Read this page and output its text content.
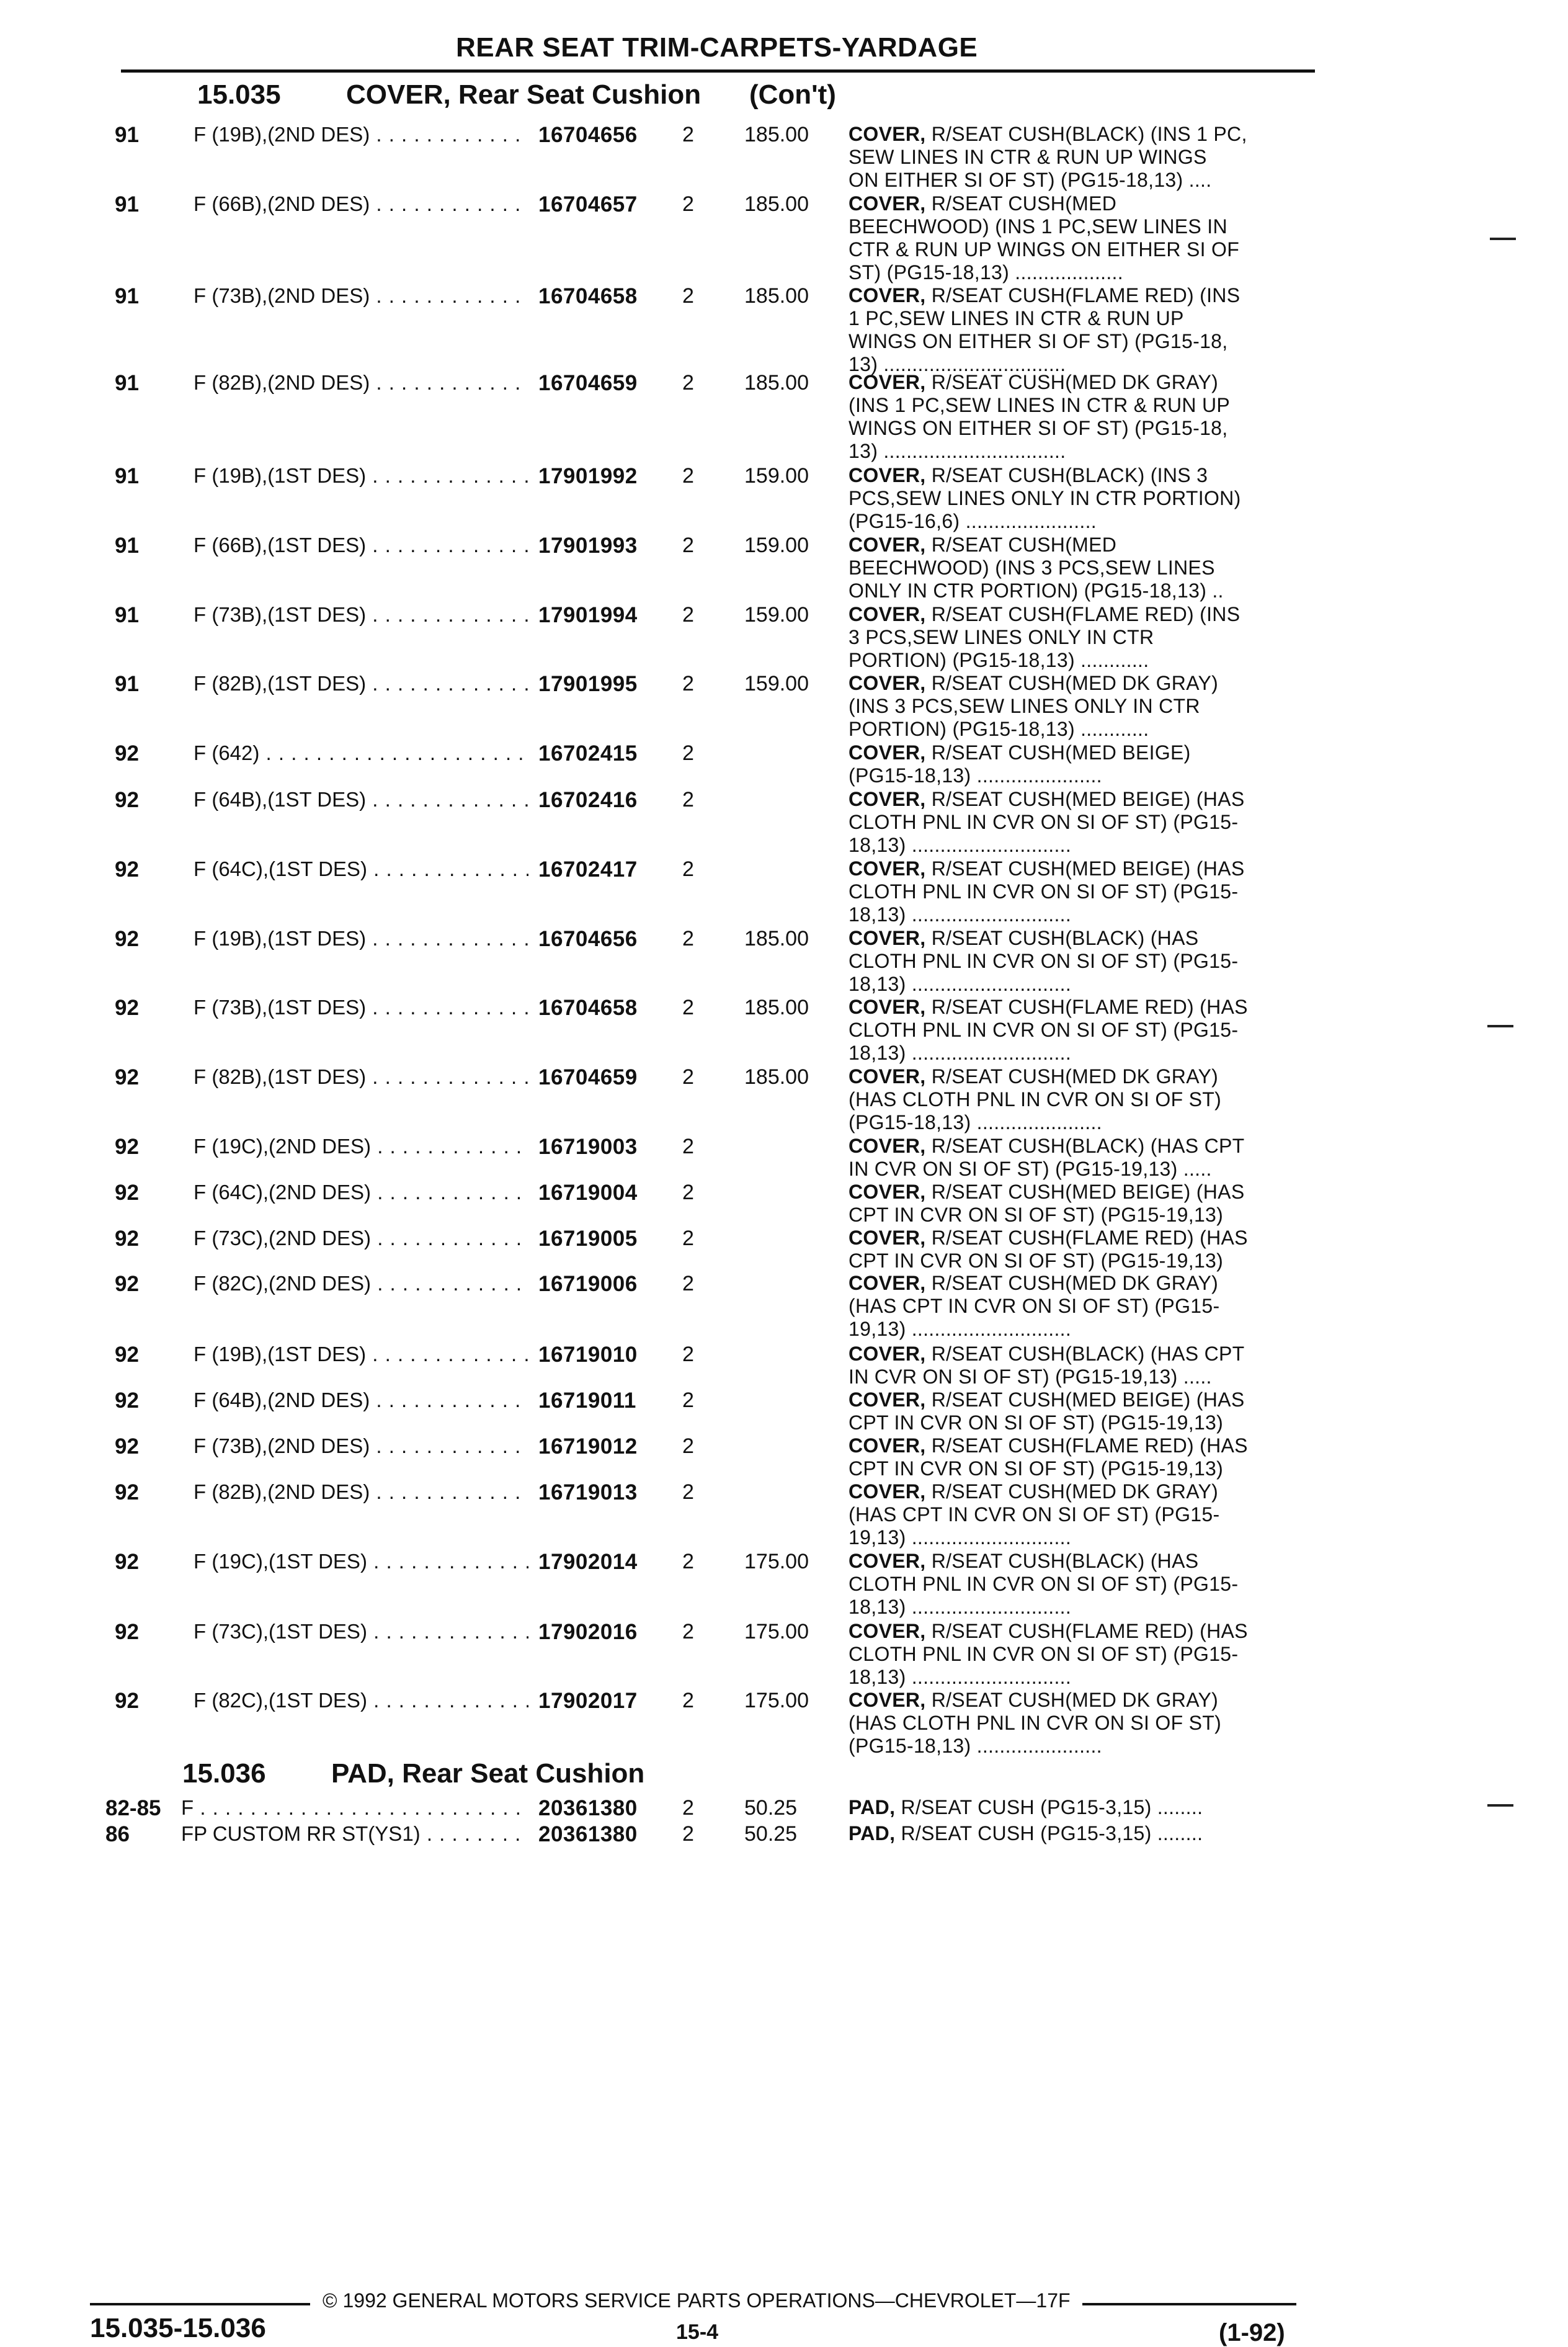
REAR SEAT TRIM-CARPETS-YARDAGE
15.035 COVER, Rear Seat Cushion (Con't)
91	F (19B),(2ND DES) . . .	16704656 2 185.00 COVER, R/SEAT CUSH(BLACK) (INS 1 PC,
SEW LINES IN CTR & RUN UP WINGS
ON EITHER SI OF ST) (PG15-18,13) ....
91	F (66B),(2ND DES) . . .	16704657 2 185.00 COVER, R/SEAT CUSH(MED
BEECHWOOD) (INS 1 PC,SEW LINES IN
CTR & RUN UP WINGS ON EITHER SI OF
ST) (PG15-18,13) ...................
91	F (73B),(2ND DES) . . .	16704658 2 185.00 COVER, R/SEAT CUSH(FLAME RED) (INS
1 PC,SEW LINES IN CTR & RUN UP
WINGS ON EITHER SI OF ST) (PG15-18,
13) ................................
91	F (82B),(2ND DES) . . .	16704659 2 185.00 COVER, R/SEAT CUSH(MED DK GRAY)
(INS 1 PC,SEW LINES IN CTR & RUN UP
WINGS ON EITHER SI OF ST) (PG15-18,
13) ................................
91	F (19B),(1ST DES) . . .	17901992 2 159.00 COVER, R/SEAT CUSH(BLACK) (INS 3
PCS,SEW LINES ONLY IN CTR PORTION)
(PG15-16,6) .......................
91	F (66B),(1ST DES) . . .	17901993 2 159.00 COVER, R/SEAT CUSH(MED
BEECHWOOD) (INS 3 PCS,SEW LINES
ONLY IN CTR PORTION) (PG15-18,13) ..
91	F (73B),(1ST DES) . . .	17901994 2 159.00 COVER, R/SEAT CUSH(FLAME RED) (INS
3 PCS,SEW LINES ONLY IN CTR
PORTION) (PG15-18,13) ............
91	F (82B),(1ST DES) . . .	17901995 2 159.00 COVER, R/SEAT CUSH(MED DK GRAY)
(INS 3 PCS,SEW LINES ONLY IN CTR
PORTION) (PG15-18,13) ............
92	F (642) . . .	16702415 2	COVER, R/SEAT CUSH(MED BEIGE)
(PG15-18,13) ......................
92	F (64B),(1ST DES) . . .	16702416 2	COVER, R/SEAT CUSH(MED BEIGE) (HAS
CLOTH PNL IN CVR ON SI OF ST) (PG15-
18,13) ............................
92	F (64C),(1ST DES) . . .	16702417 2	COVER, R/SEAT CUSH(MED BEIGE) (HAS
CLOTH PNL IN CVR ON SI OF ST) (PG15-
18,13) ............................
92	F (19B),(1ST DES) . . .	16704656 2 185.00 COVER, R/SEAT CUSH(BLACK) (HAS
CLOTH PNL IN CVR ON SI OF ST) (PG15-
18,13) ............................
92	F (73B),(1ST DES) . . .	16704658 2 185.00 COVER, R/SEAT CUSH(FLAME RED) (HAS
CLOTH PNL IN CVR ON SI OF ST) (PG15-
18,13) ............................
92	F (82B),(1ST DES) . . .	16704659 2 185.00 COVER, R/SEAT CUSH(MED DK GRAY)
(HAS CLOTH PNL IN CVR ON SI OF ST)
(PG15-18,13) ......................
92	F (19C),(2ND DES) . . .	16719003 2	COVER, R/SEAT CUSH(BLACK) (HAS CPT
IN CVR ON SI OF ST) (PG15-19,13) .....
92	F (64C),(2ND DES) . . .	16719004 2	COVER, R/SEAT CUSH(MED BEIGE) (HAS
CPT IN CVR ON SI OF ST) (PG15-19,13)
92	F (73C),(2ND DES) . . .	16719005 2	COVER, R/SEAT CUSH(FLAME RED) (HAS
CPT IN CVR ON SI OF ST) (PG15-19,13)
92	F (82C),(2ND DES) . . .	16719006 2	COVER, R/SEAT CUSH(MED DK GRAY)
(HAS CPT IN CVR ON SI OF ST) (PG15-
19,13) ............................
92	F (19B),(1ST DES) . . .	16719010 2	COVER, R/SEAT CUSH(BLACK) (HAS CPT
IN CVR ON SI OF ST) (PG15-19,13) .....
92	F (64B),(2ND DES) . . .	16719011 2	COVER, R/SEAT CUSH(MED BEIGE) (HAS
CPT IN CVR ON SI OF ST) (PG15-19,13)
92	F (73B),(2ND DES) . . .	16719012 2	COVER, R/SEAT CUSH(FLAME RED) (HAS
CPT IN CVR ON SI OF ST) (PG15-19,13)
92	F (82B),(2ND DES) . . .	16719013 2	COVER, R/SEAT CUSH(MED DK GRAY)
(HAS CPT IN CVR ON SI OF ST) (PG15-
19,13) ............................
92	F (19C),(1ST DES) . . .	17902014 2 175.00 COVER, R/SEAT CUSH(BLACK) (HAS
CLOTH PNL IN CVR ON SI OF ST) (PG15-
18,13) ............................
92	F (73C),(1ST DES) . . .	17902016 2 175.00 COVER, R/SEAT CUSH(FLAME RED) (HAS
CLOTH PNL IN CVR ON SI OF ST) (PG15-
18,13) ............................
92	F (82C),(1ST DES) . . .	17902017 2 175.00 COVER, R/SEAT CUSH(MED DK GRAY)
(HAS CLOTH PNL IN CVR ON SI OF ST)
(PG15-18,13) ......................
15.036 PAD, Rear Seat Cushion
82-85 F . . .	20361380 2 50.25	PAD, R/SEAT CUSH (PG15-3,15) ........
86	FP CUSTOM RR ST(YS1) . . .	20361380 2 50.25	PAD, R/SEAT CUSH (PG15-3,15) ........
© 1992 GENERAL MOTORS SERVICE PARTS OPERATIONS—CHEVROLET—17F
15.035-15.036	15-4	(1-92)
